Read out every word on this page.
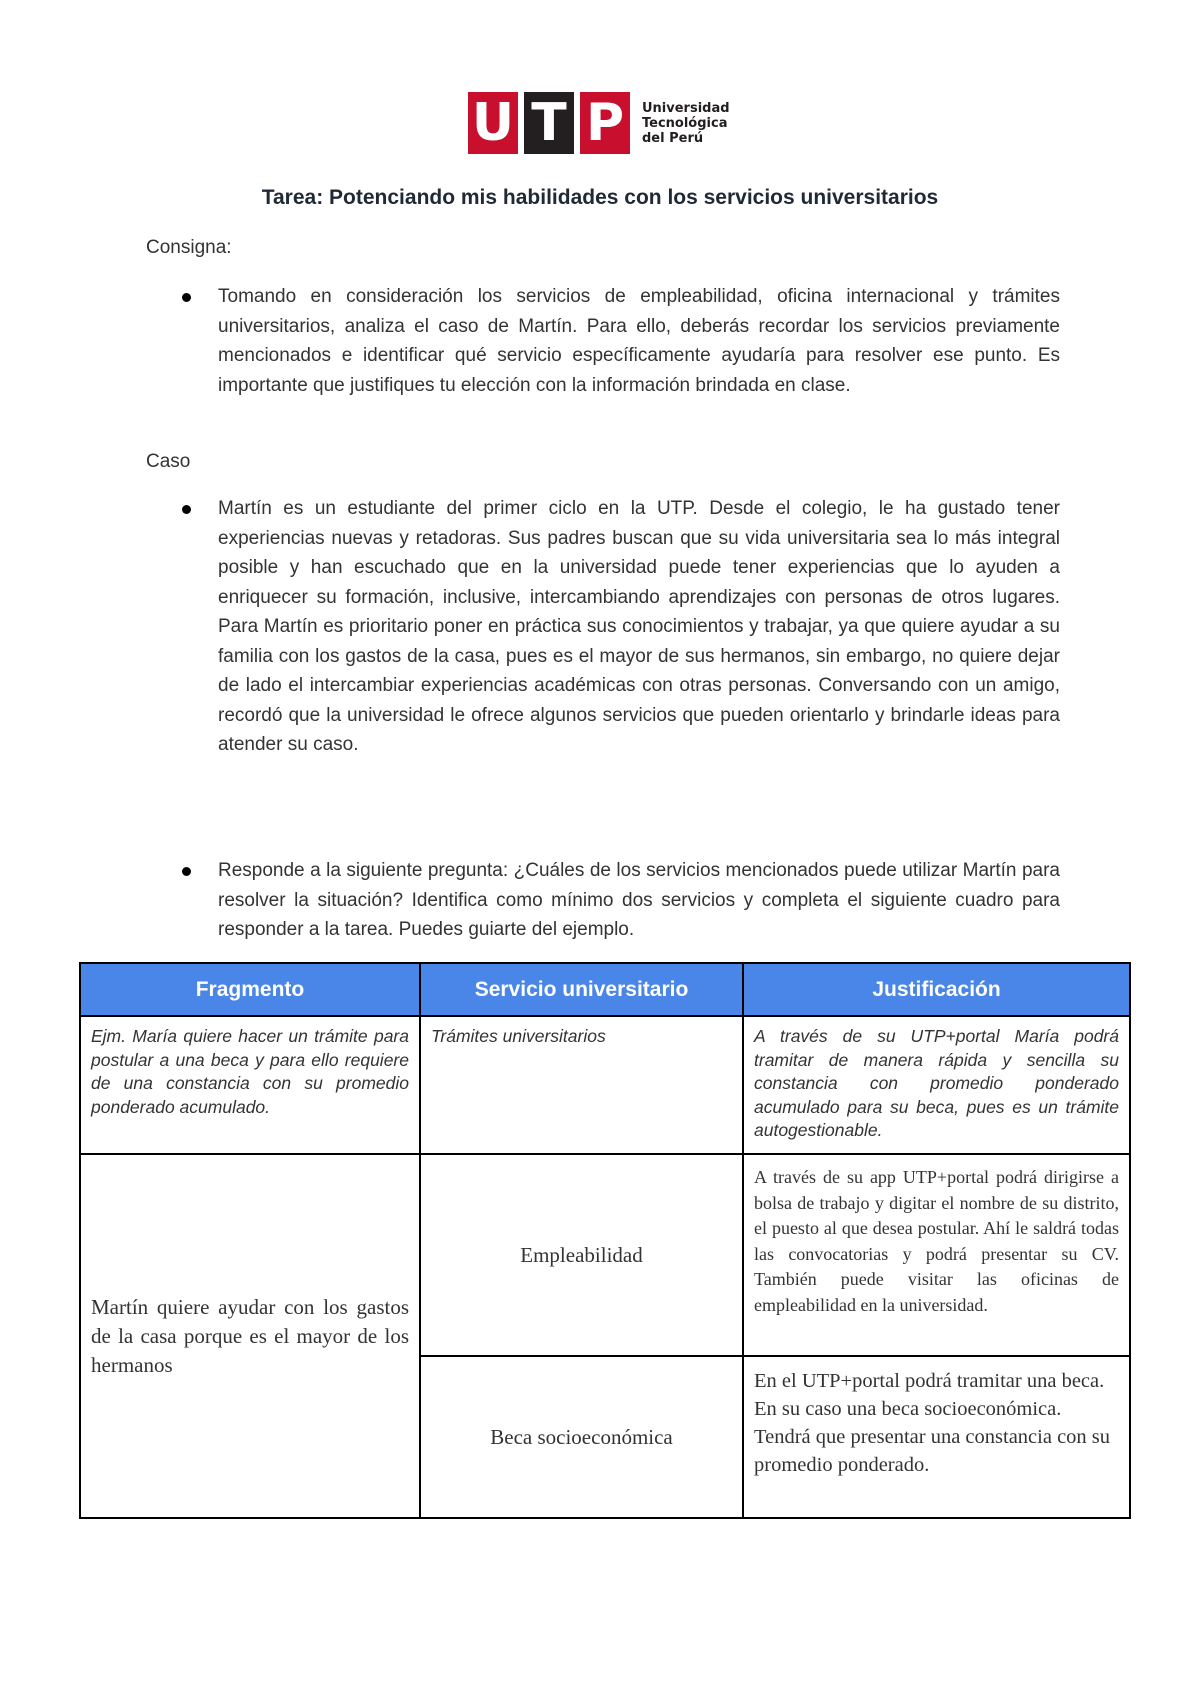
U T P	Universidad
Tecnológica
del Perú
Tarea: Potenciando mis habilidades con los servicios universitarios
Consigna:
Tomando en consideración los servicios de empleabilidad, oficina internacional y trámites universitarios, analiza el caso de Martín. Para ello, deberás recordar los servicios previamente mencionados e identificar qué servicio específicamente ayudaría para resolver ese punto. Es importante que justifiques tu elección con la información brindada en clase.
Caso
Martín es un estudiante del primer ciclo en la UTP. Desde el colegio, le ha gustado tener experiencias nuevas y retadoras. Sus padres buscan que su vida universitaria sea lo más integral posible y han escuchado que en la universidad puede tener experiencias que lo ayuden a enriquecer su formación, inclusive, intercambiando aprendizajes con personas de otros lugares. Para Martín es prioritario poner en práctica sus conocimientos y trabajar, ya que quiere ayudar a su familia con los gastos de la casa, pues es el mayor de sus hermanos, sin embargo, no quiere dejar de lado el intercambiar experiencias académicas con otras personas. Conversando con un amigo, recordó que la universidad le ofrece algunos servicios que pueden orientarlo y brindarle ideas para atender su caso.
Responde a la siguiente pregunta: ¿Cuáles de los servicios mencionados puede utilizar Martín para resolver la situación? Identifica como mínimo dos servicios y completa el siguiente cuadro para responder a la tarea. Puedes guiarte del ejemplo.
Fragmento	Servicio universitario	Justificación
Ejm. María quiere hacer un trámite para postular a una beca y para ello requiere de una constancia con su promedio ponderado acumulado.	Trámites universitarios	A través de su UTP+portal María podrá tramitar de manera rápida y sencilla su constancia con promedio ponderado acumulado para su beca, pues es un trámite autogestionable.
Martín quiere ayudar con los gastos de la casa porque es el mayor de los hermanos	Empleabilidad	A través de su app UTP+portal podrá dirigirse a bolsa de trabajo y digitar el nombre de su distrito, el puesto al que desea postular. Ahí le saldrá todas las convocatorias y podrá presentar su CV. También puede visitar las oficinas de empleabilidad en la universidad.
	Beca socioeconómica	En el UTP+portal podrá tramitar una beca. En su caso una beca socioeconómica. Tendrá que presentar una constancia con su promedio ponderado.
